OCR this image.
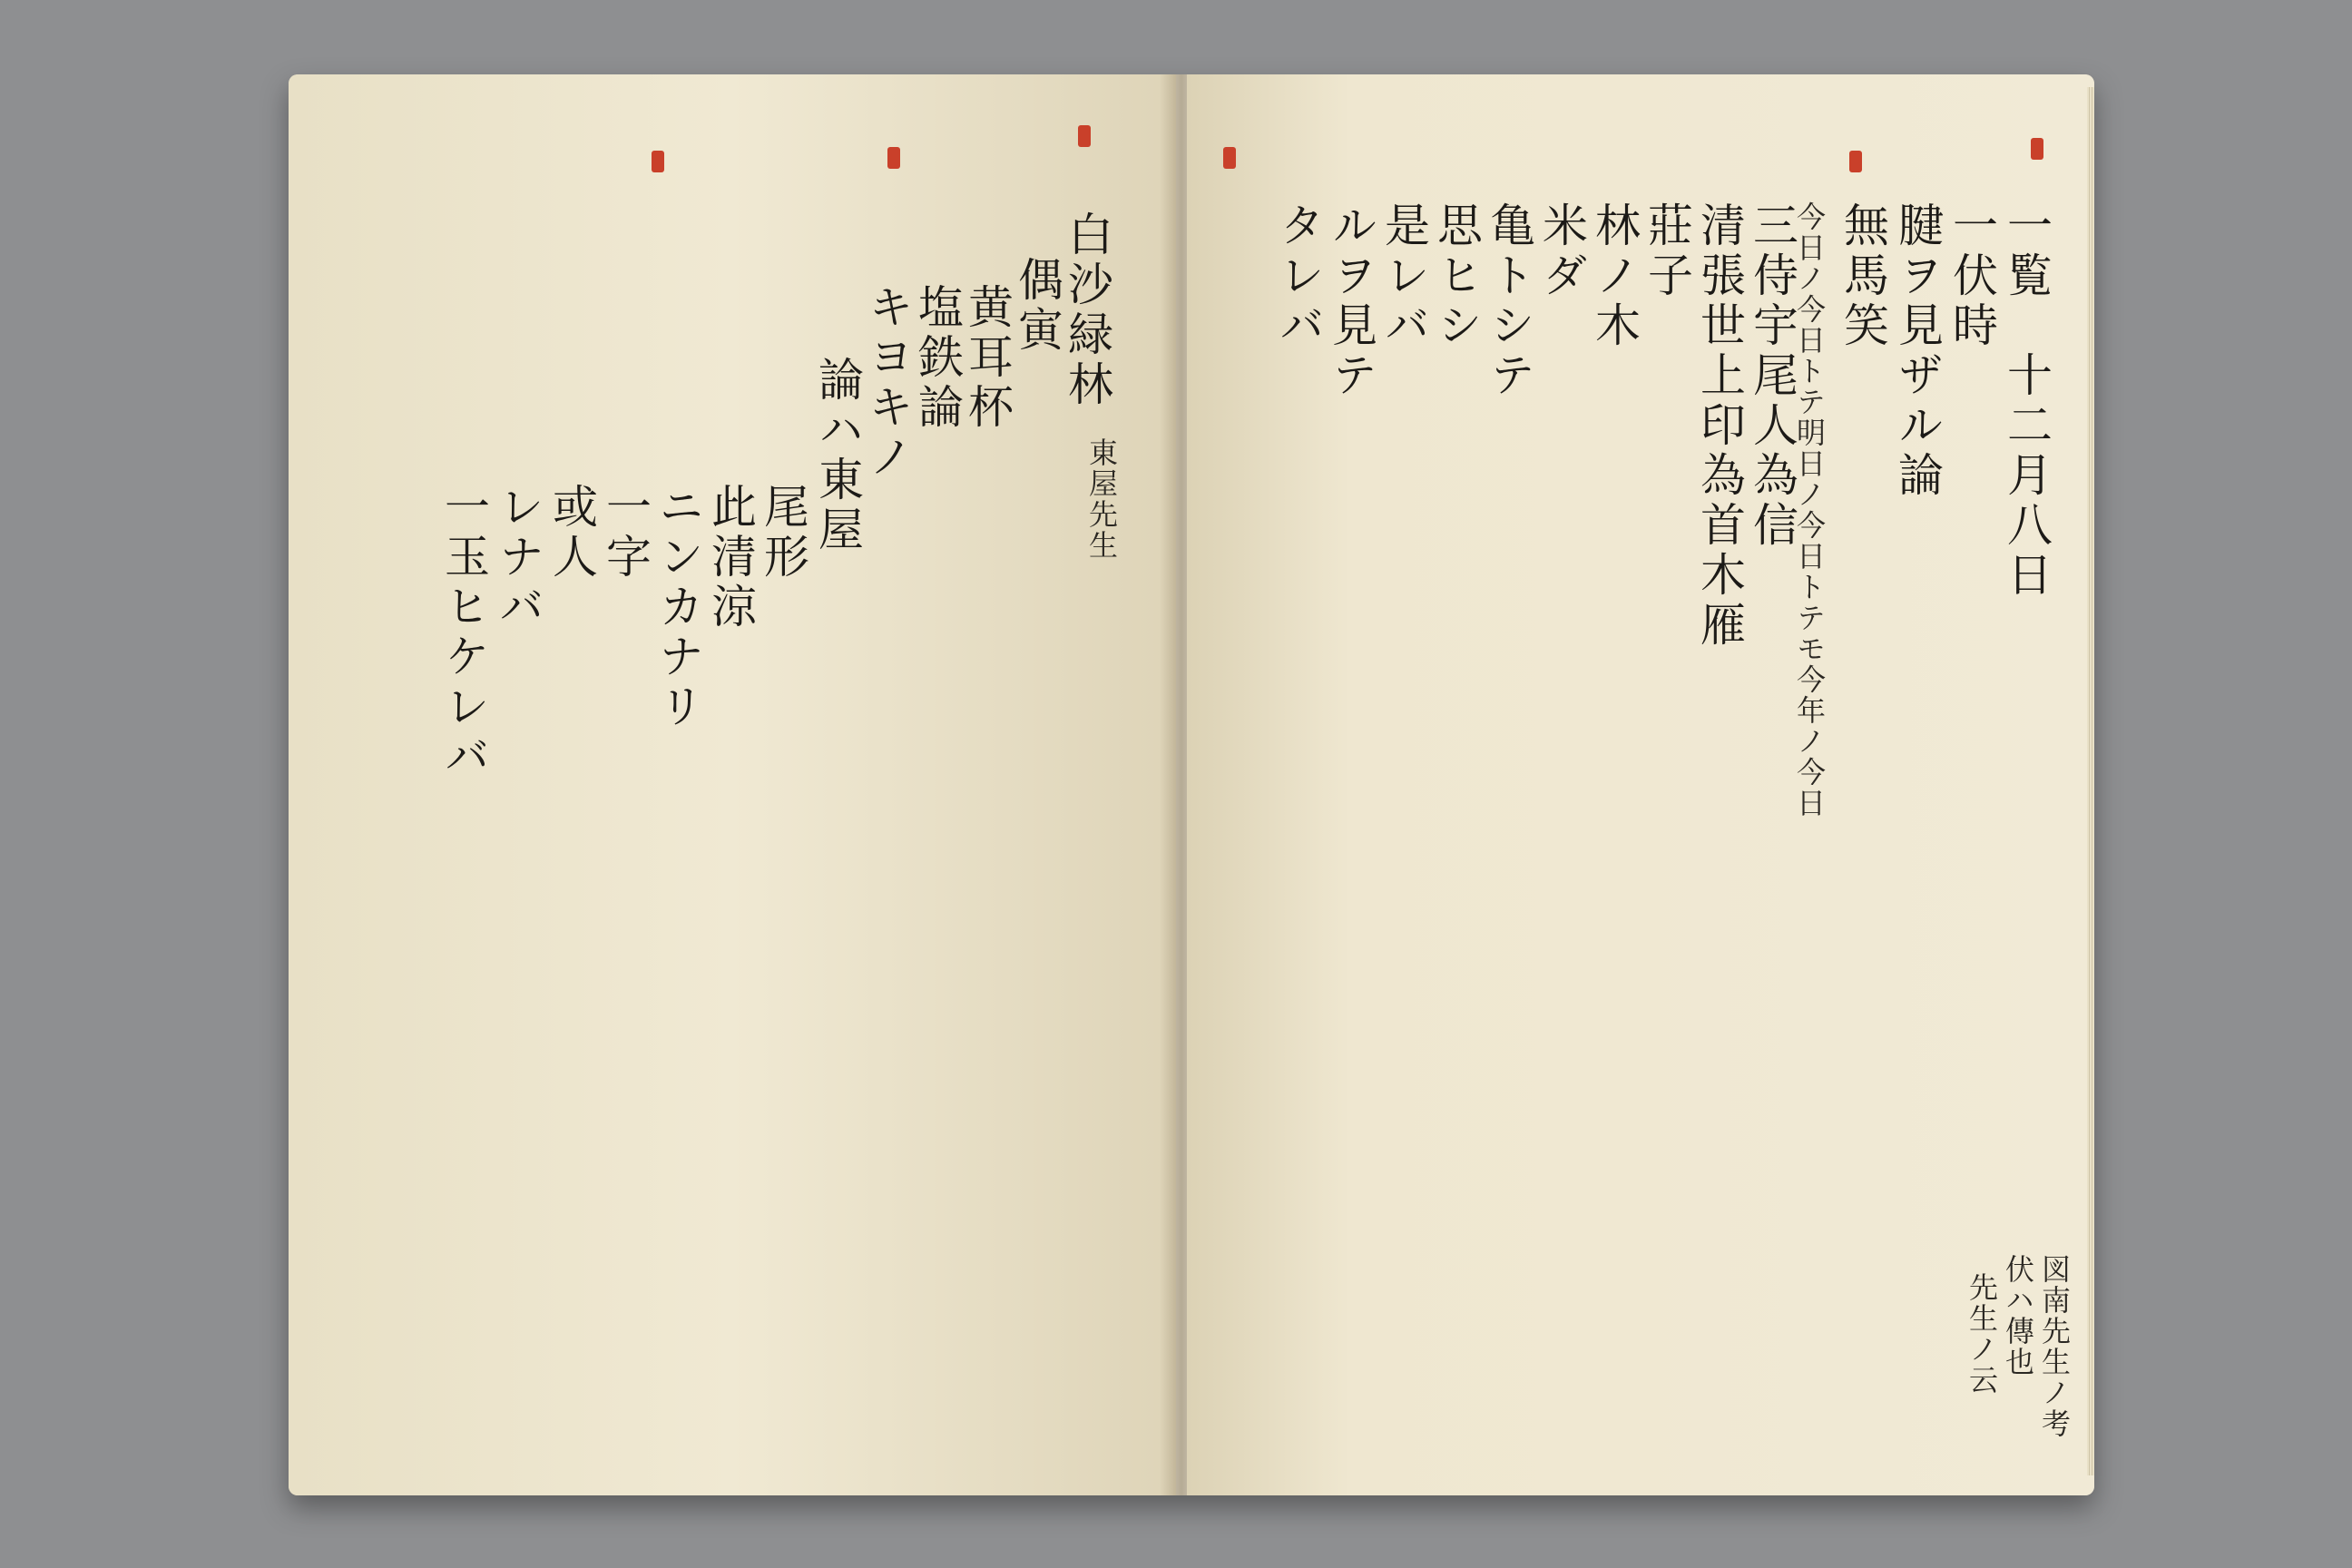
白沙緑林
偶寅
黄耳杯
塩鉄論
キヨキノ
論ハ東屋
尾形
此清涼
ニンカナリ
一字
或人
レナバ
一玉ヒケレバ	東屋先生	一覧　十二月八日
一伏時
腱ヲ見ザル論
無馬笑
今日ノ今日トテ明日ノ今日トテモ今年ノ今日
三侍宇尾人為信
清張世上印為首木雁
莊子
林ノ木
米ダ
亀トシテ
思ヒシ
是レバ
ルヲ見テ
タレバ
図南先生ノ考
伏ハ傳也
先生ノ云
